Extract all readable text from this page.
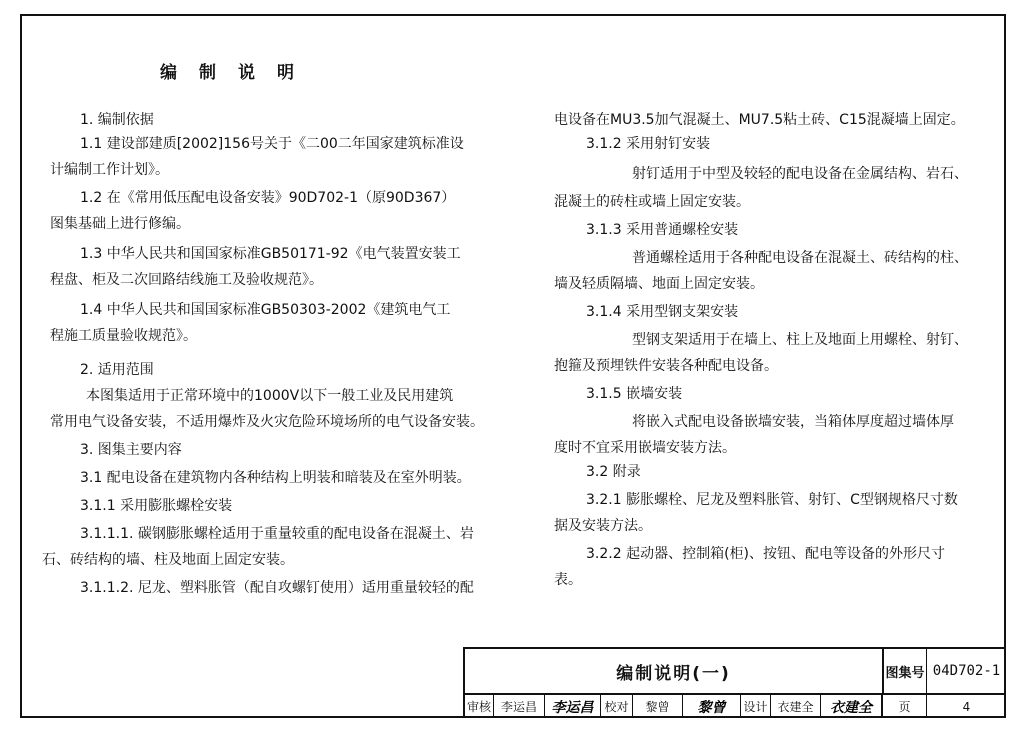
编制说明
1. 编制依据
1.1 建设部建质[2002]156号关于《二00二年国家建筑标准设
计编制工作计划》。
1.2 在《常用低压配电设备安装》90D702-1（原90D367）
图集基础上进行修编。
1.3 中华人民共和国国家标准GB50171-92《电气装置安装工
程盘、柜及二次回路结线施工及验收规范》。
1.4 中华人民共和国国家标准GB50303-2002《建筑电气工
程施工质量验收规范》。
2. 适用范围
本图集适用于正常环境中的1000V以下一般工业及民用建筑
常用电气设备安装，不适用爆炸及火灾危险环境场所的电气设备安装。
3. 图集主要内容
3.1 配电设备在建筑物内各种结构上明装和暗装及在室外明装。
3.1.1 采用膨胀螺栓安装
3.1.1.1. 碳钢膨胀螺栓适用于重量较重的配电设备在混凝土、岩
石、砖结构的墙、柱及地面上固定安装。
3.1.1.2. 尼龙、塑料胀管（配自攻螺钉使用）适用重量较轻的配
电设备在MU3.5加气混凝土、MU7.5粘土砖、C15混凝墙上固定。
3.1.2 采用射钉安装
射钉适用于中型及较轻的配电设备在金属结构、岩石、
混凝土的砖柱或墙上固定安装。
3.1.3 采用普通螺栓安装
普通螺栓适用于各种配电设备在混凝土、砖结构的柱、
墙及轻质隔墙、地面上固定安装。
3.1.4 采用型钢支架安装
型钢支架适用于在墙上、柱上及地面上用螺栓、射钉、
抱箍及预埋铁件安装各种配电设备。
3.1.5 嵌墙安装
将嵌入式配电设备嵌墙安装，当箱体厚度超过墙体厚
度时不宜采用嵌墙安装方法。
3.2 附录
3.2.1 膨胀螺栓、尼龙及塑料胀管、射钉、C型钢规格尺寸数
据及安装方法。
3.2.2 起动器、控制箱(柜)、按钮、配电等设备的外形尺寸
表。
编制说明(一)	图集号 04D702-1
审核 李运昌	李运昌 校对	黎曾	黎曾	设计 衣建全	衣建全	页	4
